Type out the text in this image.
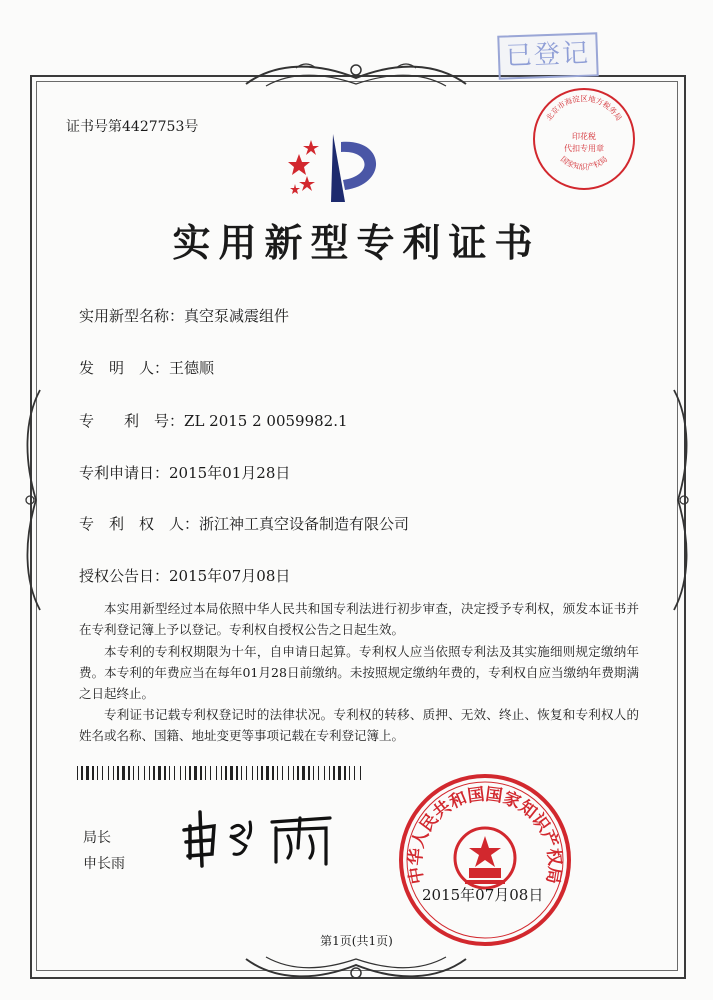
已登记
证书号第4427753号
北京市海淀区地方税务局
印花税
代扣专用章
国家知识产权局
实用新型专利证书
实用新型名称：真空泵减震组件
发　明　人：王德顺
专　　利　号：ZL 2015 2 0059982.1
专利申请日：2015年01月28日
专　利　权　人：浙江神工真空设备制造有限公司
授权公告日：2015年07月08日
本实用新型经过本局依照中华人民共和国专利法进行初步审查，决定授予专利权，颁发本证书并在专利登记簿上予以登记。专利权自授权公告之日起生效。
本专利的专利权期限为十年，自申请日起算。专利权人应当依照专利法及其实施细则规定缴纳年费。本专利的年费应当在每年01月28日前缴纳。未按照规定缴纳年费的，专利权自应当缴纳年费期满之日起终止。
专利证书记载专利权登记时的法律状况。专利权的转移、质押、无效、终止、恢复和专利权人的姓名或名称、国籍、地址变更等事项记载在专利登记簿上。
局长
申长雨
中华人民共和国国家知识产权局
2015年07月08日
第1页(共1页)
